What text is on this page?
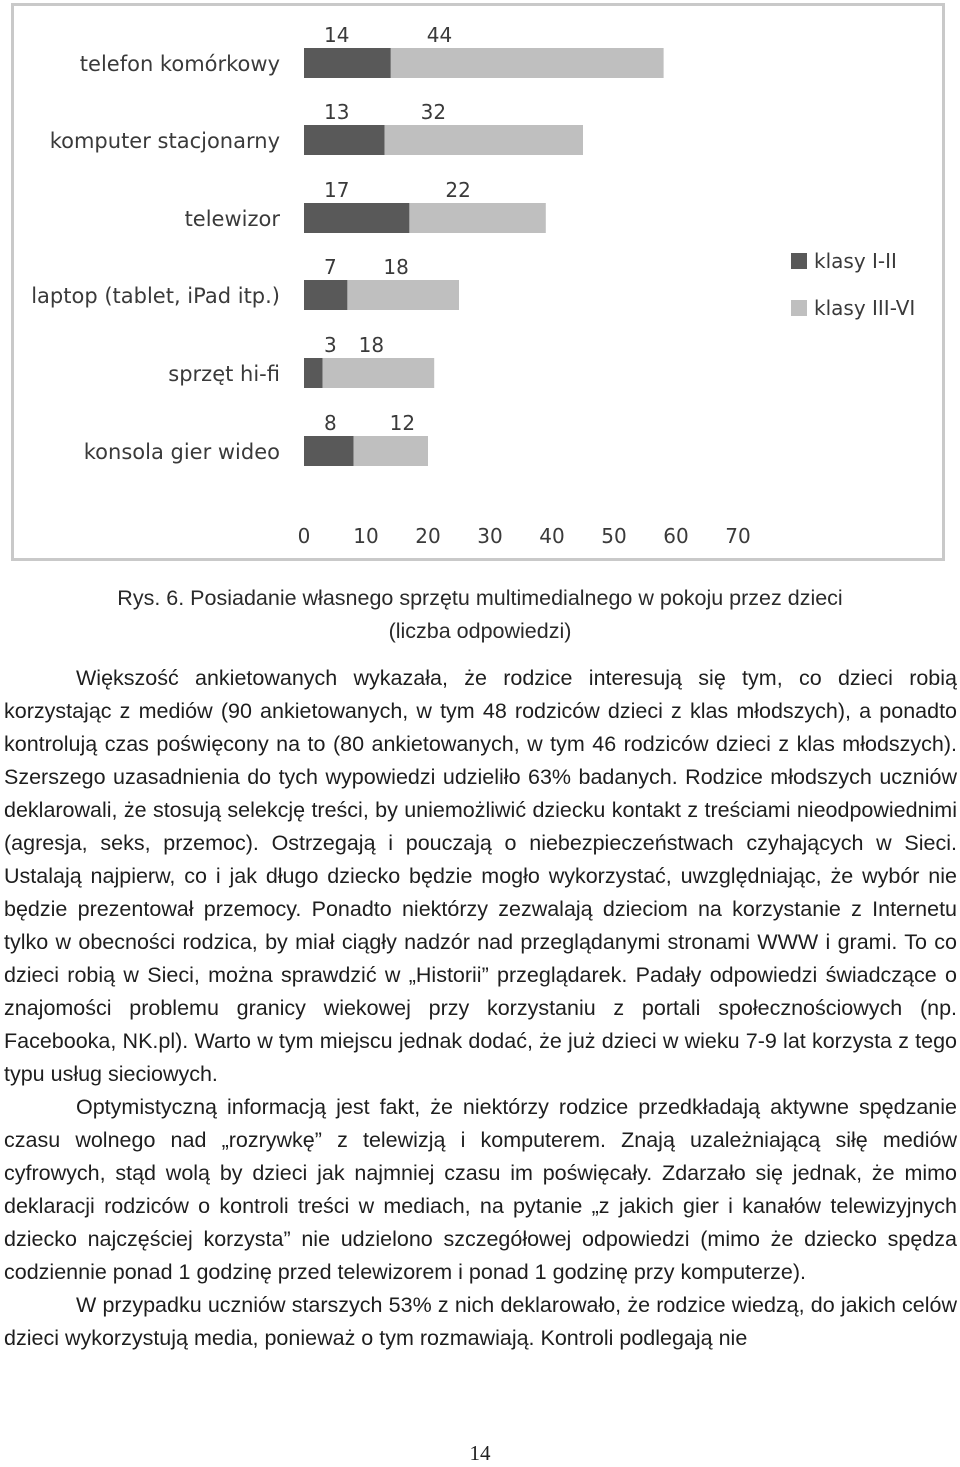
telefon komórkowy
14	44
komputer stacjonarny
13	32
telewizor
17	22
laptop (tablet, iPad itp.)
7 18
sprzęt hi-fi
3 18
konsola gier wideo
8	12
0 10 20 30 40 50 60 70
klasy I-II
klasy III-VI
Rys. 6. Posiadanie własnego sprzętu multimedialnego w pokoju przez dzieci
(liczba odpowiedzi)

Większość ankietowanych wykazała, że rodzice interesują się tym, co dzieci robią korzystając z mediów (90 ankietowanych, w tym 48 rodziców dzieci z klas młodszych), a ponadto kontrolują czas poświęcony na to (80 ankietowanych, w tym 46 rodziców dzieci z klas młodszych). Szerszego uzasadnienia do tych wypowiedzi udzieliło 63% badanych. Rodzice młodszych uczniów deklarowali, że stosują selekcję treści, by uniemożliwić dziecku kontakt z treściami nieodpowiednimi (agresja, seks, przemoc). Ostrzegają i pouczają o niebezpieczeństwach czyhających w Sieci. Ustalają najpierw, co i jak długo dziecko będzie mogło wykorzystać, uwzględniając, że wybór nie będzie prezentował przemocy. Ponadto niektórzy zezwalają dzieciom na korzystanie z Internetu tylko w obecności rodzica, by miał ciągły nadzór nad przeglądanymi stronami WWW i grami. To co dzieci robią w Sieci, można sprawdzić w „Historii” przeglądarek. Padały odpowiedzi świadczące o znajomości problemu granicy wiekowej przy korzystaniu z portali społecznościowych (np. Facebooka, NK.pl). Warto w tym miejscu jednak dodać, że już dzieci w wieku 7-9 lat korzysta z tego typu usług sieciowych.

Optymistyczną informacją jest fakt, że niektórzy rodzice przedkładają aktywne spędzanie czasu wolnego nad „rozrywkę” z telewizją i komputerem. Znają uzależniającą siłę mediów cyfrowych, stąd wolą by dzieci jak najmniej czasu im poświęcały. Zdarzało się jednak, że mimo deklaracji rodziców o kontroli treści w mediach, na pytanie „z jakich gier i kanałów telewizyjnych dziecko najczęściej korzysta” nie udzielono szczegółowej odpowiedzi (mimo że dziecko spędza codziennie ponad 1 godzinę przed telewizorem i ponad 1 godzinę przy komputerze).

W przypadku uczniów starszych 53% z nich deklarowało, że rodzice wiedzą, do jakich celów dzieci wykorzystują media, ponieważ o tym rozmawiają. Kontroli podlegają nie

14
